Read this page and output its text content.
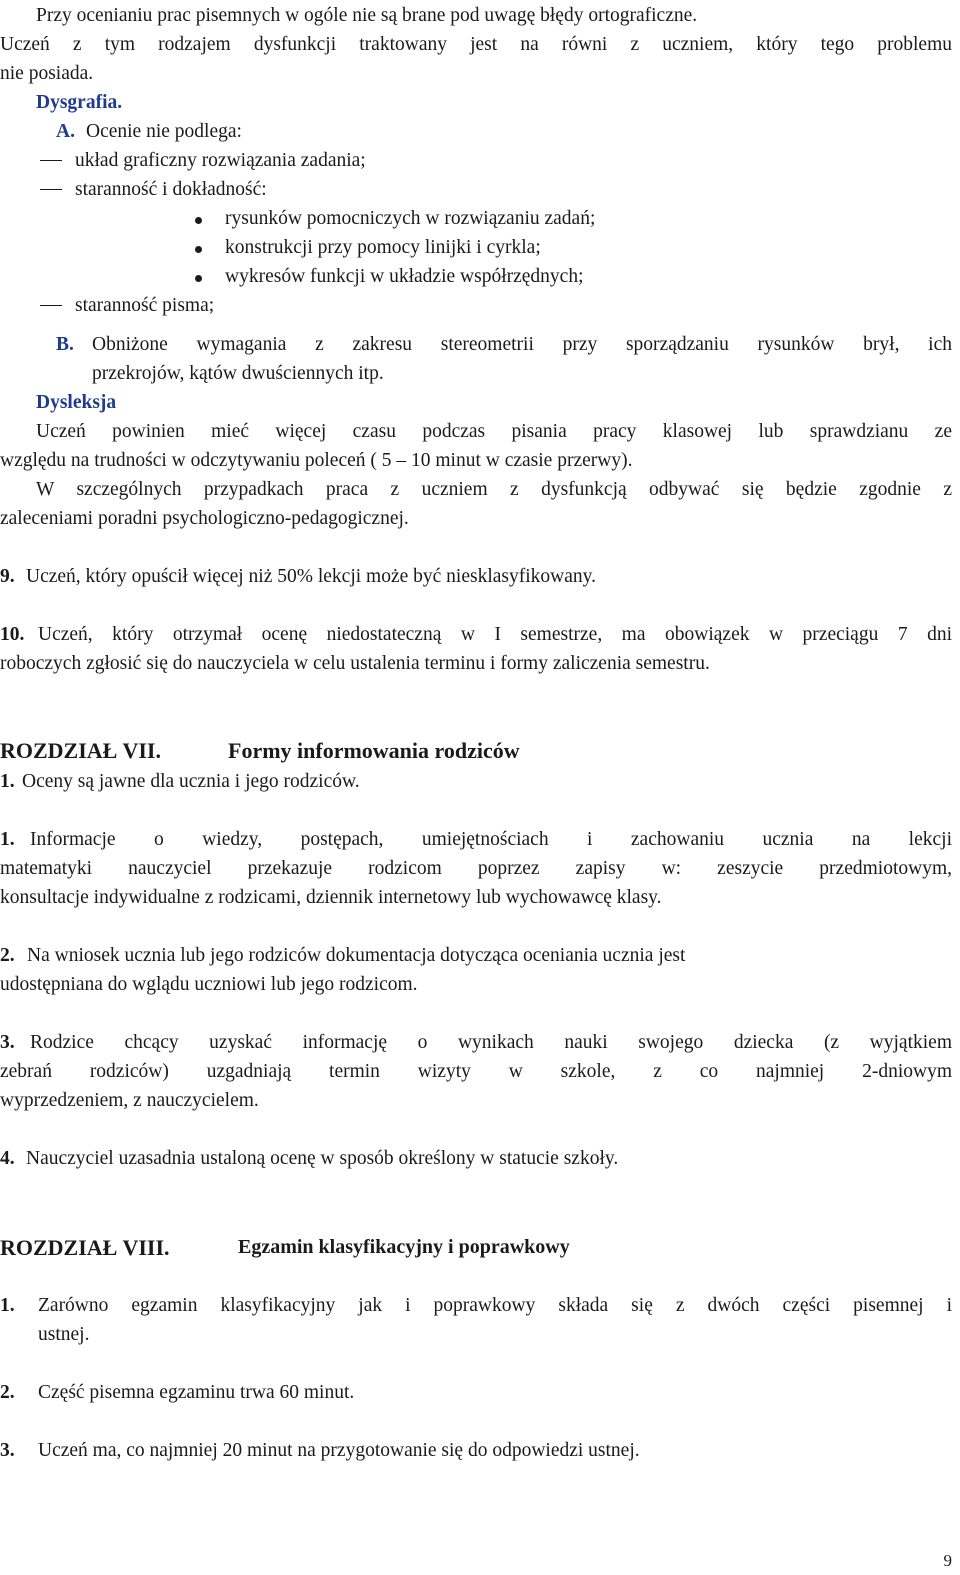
Przy ocenianiu prac pisemnych w ogóle nie są brane pod uwagę błędy ortograficzne.
Uczeń z tym rodzajem dysfunkcji traktowany jest na równi z uczniem, który tego problemu
nie posiada.
Dysgrafia.
A. Ocenie nie podlega:
układ graficzny rozwiązania zadania;
staranność i dokładność:
rysunków pomocniczych w rozwiązaniu zadań;
konstrukcji przy pomocy linijki i cyrkla;
wykresów funkcji w układzie współrzędnych;
staranność pisma;
B. Obniżone wymagania z zakresu stereometrii przy sporządzaniu rysunków brył, ich
przekrojów, kątów dwuściennych itp.
Dysleksja
Uczeń powinien mieć więcej czasu podczas pisania pracy klasowej lub sprawdzianu ze
względu na trudności w odczytywaniu poleceń ( 5 – 10 minut w czasie przerwy).
W szczególnych przypadkach praca z uczniem z dysfunkcją odbywać się będzie zgodnie z
zaleceniami poradni psychologiczno-pedagogicznej.
9. Uczeń, który opuścił więcej niż 50% lekcji może być niesklasyfikowany.
10. Uczeń, który otrzymał ocenę niedostateczną w I semestrze, ma obowiązek w przeciągu 7 dni
roboczych zgłosić się do nauczyciela w celu ustalenia terminu i formy zaliczenia semestru.
ROZDZIAŁ VII.	Formy informowania rodziców
1. Oceny są jawne dla ucznia i jego rodziców.
1. Informacje o wiedzy, postępach, umiejętnościach i zachowaniu ucznia na lekcji
matematyki nauczyciel przekazuje rodzicom poprzez zapisy w: zeszycie przedmiotowym,
konsultacje indywidualne z rodzicami, dziennik internetowy lub wychowawcę klasy.
2. Na wniosek ucznia lub jego rodziców dokumentacja dotycząca oceniania ucznia jest
udostępniana do wglądu uczniowi lub jego rodzicom.
3. Rodzice chcący uzyskać informację o wynikach nauki swojego dziecka (z wyjątkiem
zebrań rodziców) uzgadniają termin wizyty w szkole, z co najmniej 2-dniowym
wyprzedzeniem, z nauczycielem.
4. Nauczyciel uzasadnia ustaloną ocenę w sposób określony w statucie szkoły.
ROZDZIAŁ VIII.	Egzamin klasyfikacyjny i poprawkowy
1. Zarówno egzamin klasyfikacyjny jak i poprawkowy składa się z dwóch części pisemnej i
ustnej.
2. Część pisemna egzaminu trwa 60 minut.
3. Uczeń ma, co najmniej 20 minut na przygotowanie się do odpowiedzi ustnej.
9
